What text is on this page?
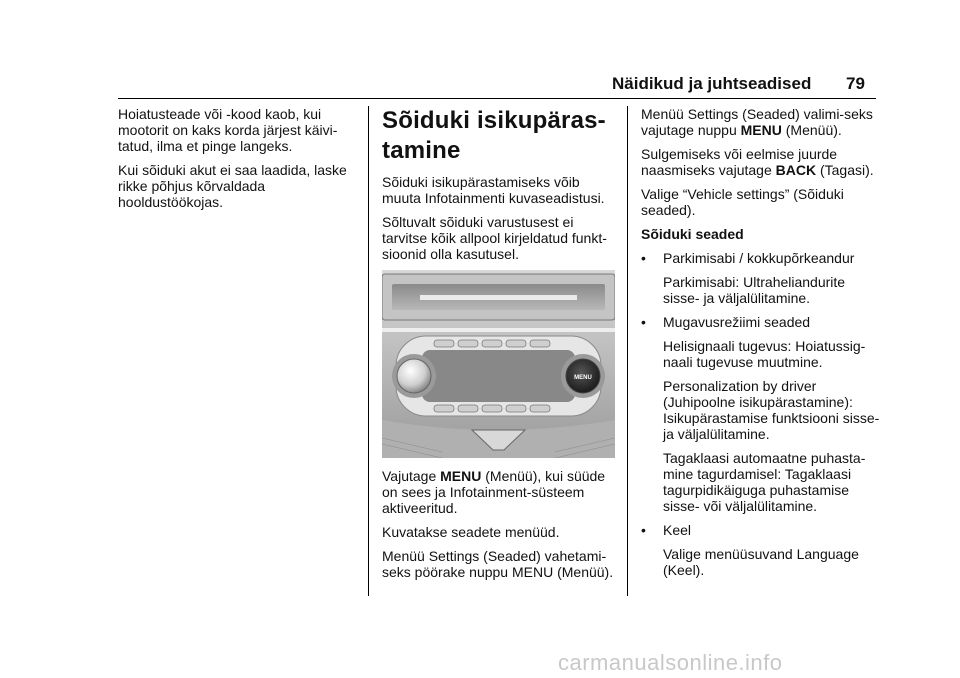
Näidikud ja juhtseadised 79

Hoiatusteade või -kood kaob, kui mootorit on kaks korda järjest käivi-tatud, ilma et pinge langeks.

Kui sõiduki akut ei saa laadida, laske rikke põhjus kõrvaldada hooldustöökojas.

Sõiduki isikupäras-tamine

Sõiduki isikupärastamiseks võib muuta Infotainmenti kuvaseadistusi.

Sõltuvalt sõiduki varustusest ei tarvitse kõik allpool kirjeldatud funkt-sioonid olla kasutusel.

MENU

Vajutage MENU (Menüü), kui süüde on sees ja Infotainment-süsteem aktiveeritud.

Kuvatakse seadete menüüd.

Menüü Settings (Seaded) vahetami-seks pöörake nuppu MENU (Menüü).

Menüü Settings (Seaded) valimi-seks vajutage nuppu MENU (Menüü).

Sulgemiseks või eelmise juurde naasmiseks vajutage BACK (Tagasi).

Valige “Vehicle settings” (Sõiduki seaded).

Sõiduki seaded

• Parkimisabi / kokkupõrkeandur

Parkimisabi: Ultraheliandurite sisse- ja väljalülitamine.

• Mugavusrežiimi seaded

Helisignaali tugevus: Hoiatussig-naali tugevuse muutmine.

Personalization by driver (Juhipoolne isikupärastamine): Isikupärastamise funktsiooni sisse- ja väljalülitamine.

Tagaklaasi automaatne puhasta-mine tagurdamisel: Tagaklaasi tagurpidikäiguga puhastamise sisse- või väljalülitamine.

• Keel

Valige menüüsuvand Language (Keel).

carmanualsonline.info
